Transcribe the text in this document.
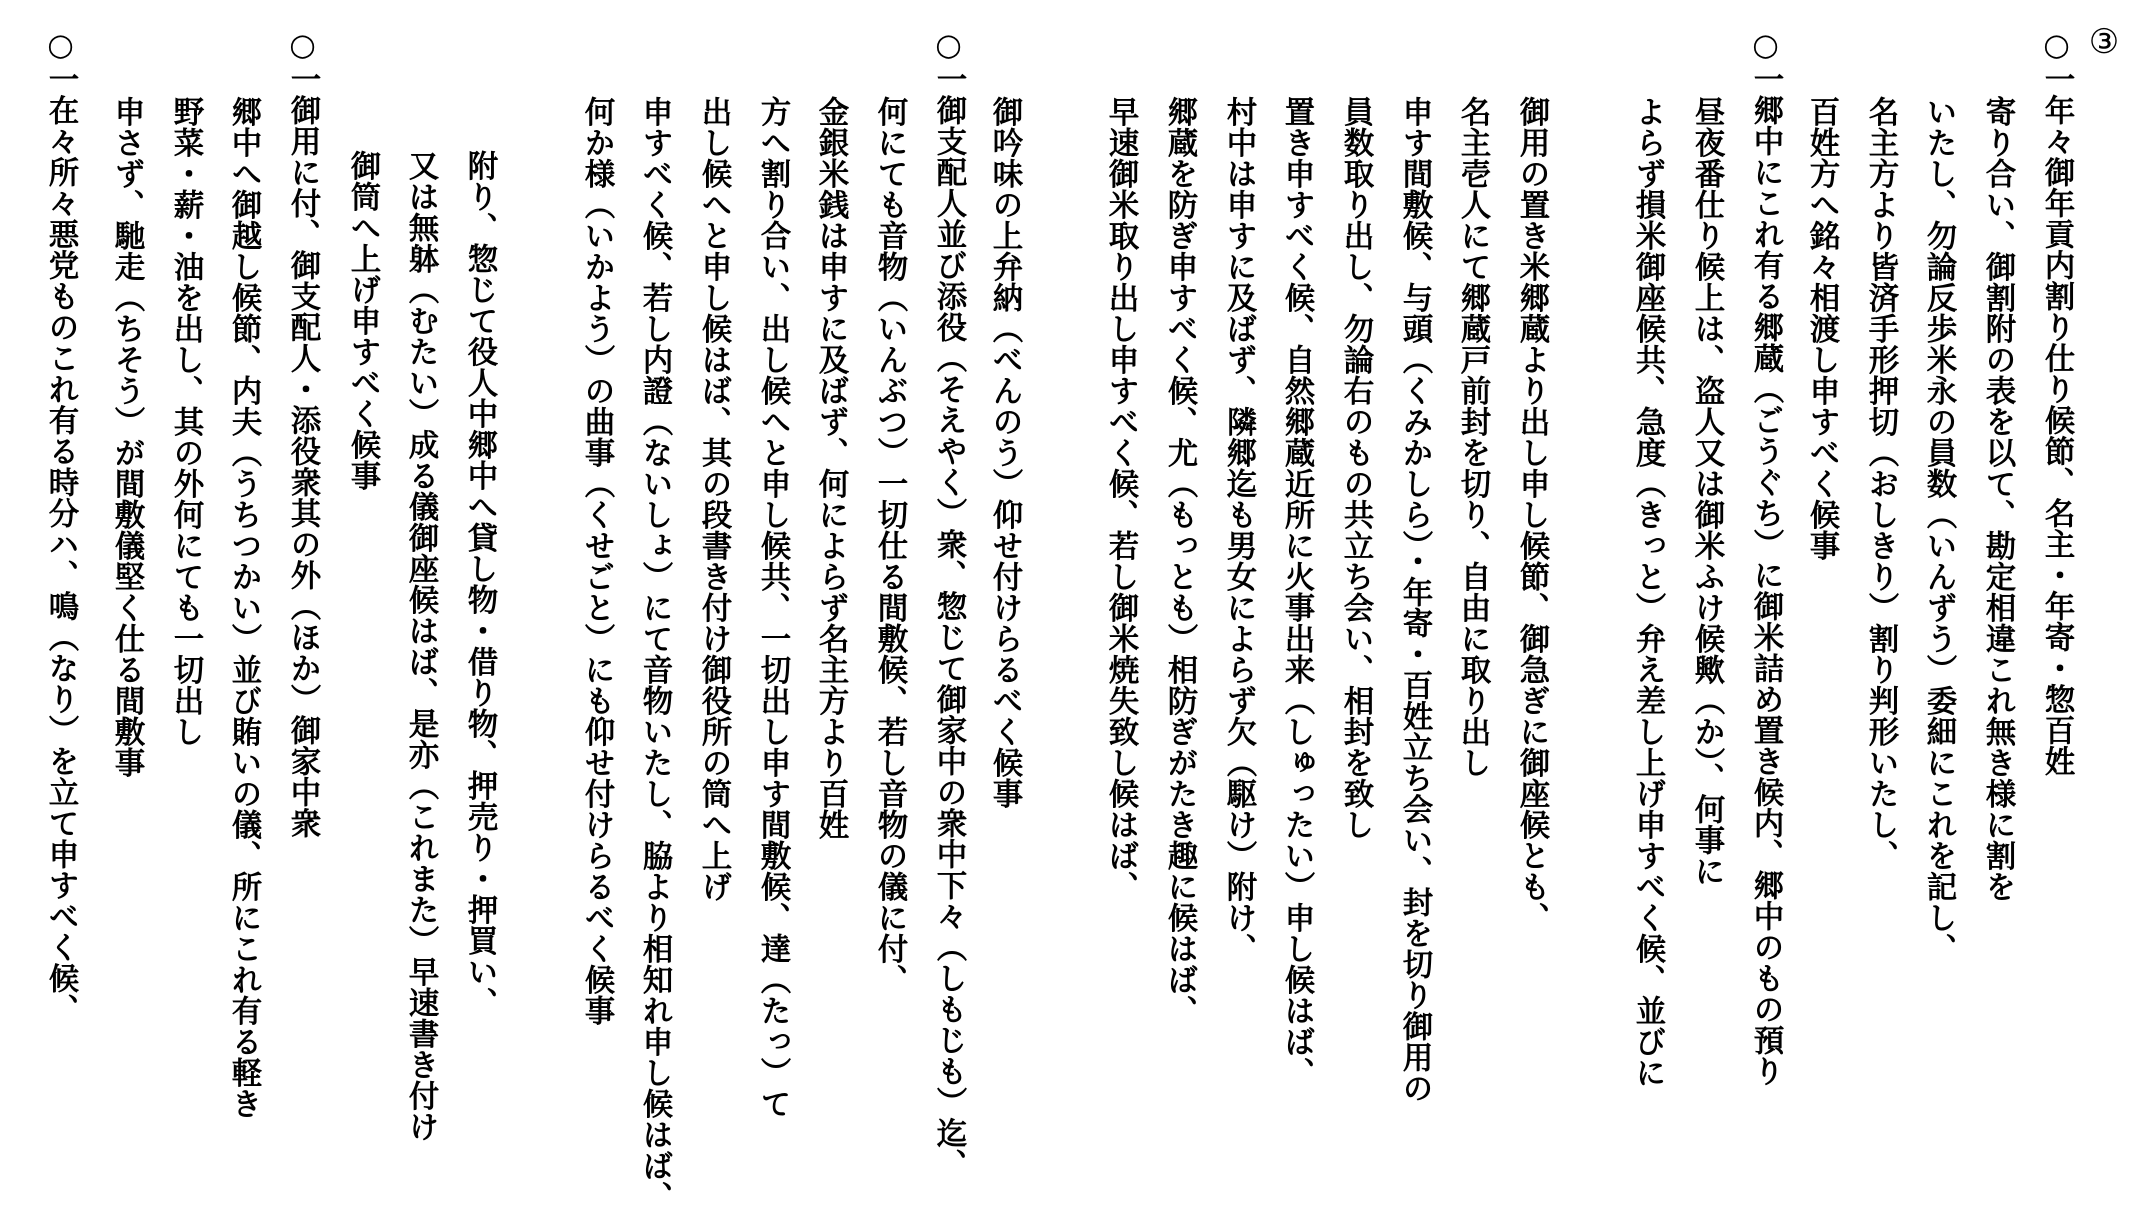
③
○一年々御年貢内割り仕り候節、名主・年寄・惣百姓
寄り合い、御割附の表を以て、勘定相違これ無き様に割を
いたし、勿論反歩米永の員数（いんずう）委細にこれを記し、
名主方より皆済手形押切（おしきり）割り判形いたし、
百姓方へ銘々相渡し申すべく候事
○一郷中にこれ有る郷蔵（ごうぐち）に御米詰め置き候内、郷中のもの預り
昼夜番仕り候上は、盗人又は御米ふけ候歟（か）、何事に
よらず損米御座候共、急度（きっと）弁え差し上げ申すべく候、並びに
御用の置き米郷蔵より出し申し候節、御急ぎに御座候とも、
名主壱人にて郷蔵戸前封を切り、自由に取り出し
申す間敷候、与頭（くみかしら）・年寄・百姓立ち会い、封を切り御用の
員数取り出し、勿論右のもの共立ち会い、相封を致し
置き申すべく候、自然郷蔵近所に火事出来（しゅったい）申し候はば、
村中は申すに及ばず、隣郷迄も男女によらず欠（駆け）附け、
郷蔵を防ぎ申すべく候、尤（もっとも）相防ぎがたき趣に候はば、
早速御米取り出し申すべく候、若し御米焼失致し候はば、
御吟味の上弁納（べんのう）仰せ付けらるべく候事
○一御支配人並び添役（そえやく）衆、惣じて御家中の衆中下々（しもじも）迄、
何にても音物（いんぶつ）一切仕る間敷候、若し音物の儀に付、
金銀米銭は申すに及ばず、何によらず名主方より百姓
方へ割り合い、出し候へと申し候共、一切出し申す間敷候、達（たっ）て
出し候へと申し候はば、其の段書き付け御役所の筒へ上げ
申すべく候、若し内證（ないしょ）にて音物いたし、脇より相知れ申し候はば、
何か様（いかよう）の曲事（くせごと）にも仰せ付けらるべく候事
附り、惣じて役人中郷中へ貸し物・借り物、押売り・押買い、
又は無躰（むたい）成る儀御座候はば、是亦（これまた）早速書き付け
御筒へ上げ申すべく候事
○一御用に付、御支配人・添役衆其の外（ほか）御家中衆
郷中へ御越し候節、内夫（うちつかい）並び賄いの儀、所にこれ有る軽き
野菜・薪・油を出し、其の外何にても一切出し
申さず、馳走（ちそう）が間敷儀堅く仕る間敷事
○一在々所々悪党ものこれ有る時分ハ、鳴（なり）を立て申すべく候、
